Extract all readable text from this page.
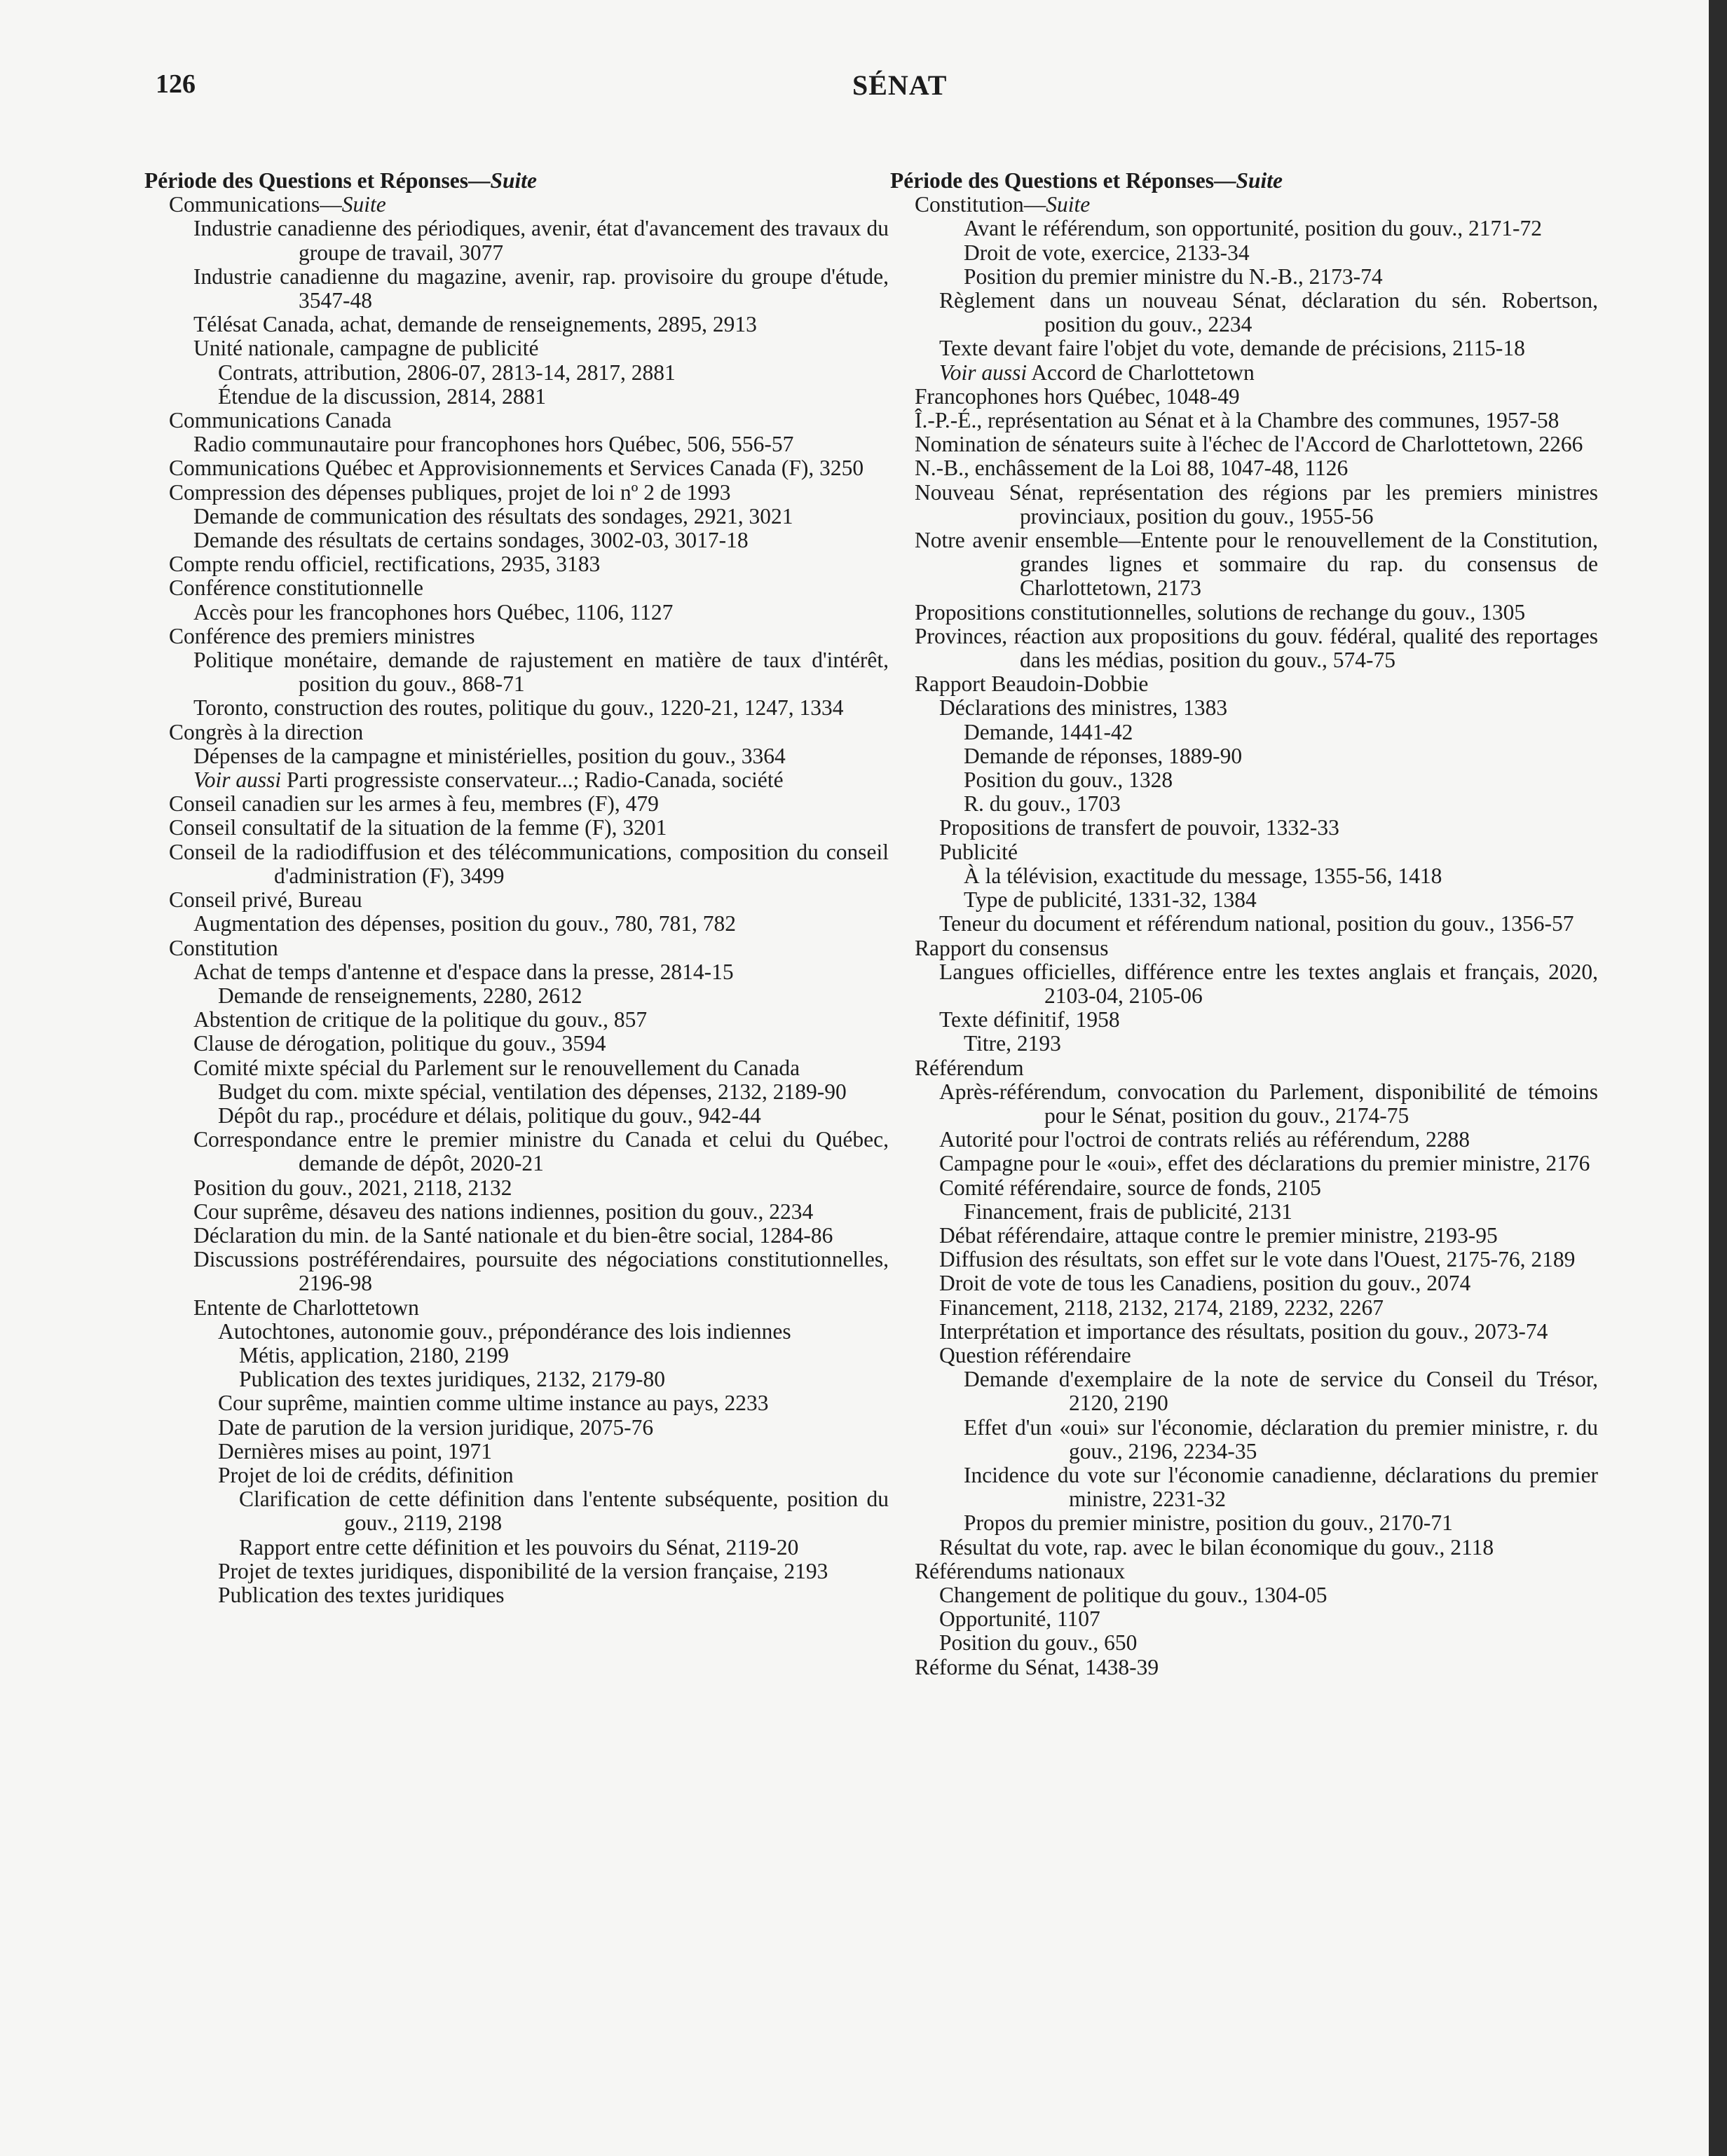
126	SÉNAT
Période des Questions et Réponses—Suite
Communications—Suite
Industrie canadienne des périodiques, avenir, état d'avancement des travaux du groupe de travail, 3077
Industrie canadienne du magazine, avenir, rap. provisoire du groupe d'étude, 3547-48
Télésat Canada, achat, demande de renseignements, 2895, 2913
Unité nationale, campagne de publicité
Contrats, attribution, 2806-07, 2813-14, 2817, 2881
Étendue de la discussion, 2814, 2881
Communications Canada
Radio communautaire pour francophones hors Québec, 506, 556-57
Communications Québec et Approvisionnements et Services Canada (F), 3250
Compression des dépenses publiques, projet de loi nº 2 de 1993
Demande de communication des résultats des sondages, 2921, 3021
Demande des résultats de certains sondages, 3002-03, 3017-18
Compte rendu officiel, rectifications, 2935, 3183
Conférence constitutionnelle
Accès pour les francophones hors Québec, 1106, 1127
Conférence des premiers ministres
Politique monétaire, demande de rajustement en matière de taux d'intérêt, position du gouv., 868-71
Toronto, construction des routes, politique du gouv., 1220-21, 1247, 1334
Congrès à la direction
Dépenses de la campagne et ministérielles, position du gouv., 3364
Voir aussi Parti progressiste conservateur...; Radio-Canada, société
Conseil canadien sur les armes à feu, membres (F), 479
Conseil consultatif de la situation de la femme (F), 3201
Conseil de la radiodiffusion et des télécommunications, composition du conseil d'administration (F), 3499
Conseil privé, Bureau
Augmentation des dépenses, position du gouv., 780, 781, 782
Constitution
Achat de temps d'antenne et d'espace dans la presse, 2814-15
Demande de renseignements, 2280, 2612
Abstention de critique de la politique du gouv., 857
Clause de dérogation, politique du gouv., 3594
Comité mixte spécial du Parlement sur le renouvellement du Canada
Budget du com. mixte spécial, ventilation des dépenses, 2132, 2189-90
Dépôt du rap., procédure et délais, politique du gouv., 942-44
Correspondance entre le premier ministre du Canada et celui du Québec, demande de dépôt, 2020-21
Position du gouv., 2021, 2118, 2132
Cour suprême, désaveu des nations indiennes, position du gouv., 2234
Déclaration du min. de la Santé nationale et du bien-être social, 1284-86
Discussions postréférendaires, poursuite des négociations constitutionnelles, 2196-98
Entente de Charlottetown
Autochtones, autonomie gouv., prépondérance des lois indiennes
Métis, application, 2180, 2199
Publication des textes juridiques, 2132, 2179-80
Cour suprême, maintien comme ultime instance au pays, 2233
Date de parution de la version juridique, 2075-76
Dernières mises au point, 1971
Projet de loi de crédits, définition
Clarification de cette définition dans l'entente subséquente, position du gouv., 2119, 2198
Rapport entre cette définition et les pouvoirs du Sénat, 2119-20
Projet de textes juridiques, disponibilité de la version française, 2193
Publication des textes juridiques
Période des Questions et Réponses—Suite
Constitution—Suite
Avant le référendum, son opportunité, position du gouv., 2171-72
Droit de vote, exercice, 2133-34
Position du premier ministre du N.-B., 2173-74
Règlement dans un nouveau Sénat, déclaration du sén. Robertson, position du gouv., 2234
Texte devant faire l'objet du vote, demande de précisions, 2115-18
Voir aussi Accord de Charlottetown
Francophones hors Québec, 1048-49
Î.-P.-É., représentation au Sénat et à la Chambre des communes, 1957-58
Nomination de sénateurs suite à l'échec de l'Accord de Charlottetown, 2266
N.-B., enchâssement de la Loi 88, 1047-48, 1126
Nouveau Sénat, représentation des régions par les premiers ministres provinciaux, position du gouv., 1955-56
Notre avenir ensemble—Entente pour le renouvellement de la Constitution, grandes lignes et sommaire du rap. du consensus de Charlottetown, 2173
Propositions constitutionnelles, solutions de rechange du gouv., 1305
Provinces, réaction aux propositions du gouv. fédéral, qualité des reportages dans les médias, position du gouv., 574-75
Rapport Beaudoin-Dobbie
Déclarations des ministres, 1383
Demande, 1441-42
Demande de réponses, 1889-90
Position du gouv., 1328
R. du gouv., 1703
Propositions de transfert de pouvoir, 1332-33
Publicité
À la télévision, exactitude du message, 1355-56, 1418
Type de publicité, 1331-32, 1384
Teneur du document et référendum national, position du gouv., 1356-57
Rapport du consensus
Langues officielles, différence entre les textes anglais et français, 2020, 2103-04, 2105-06
Texte définitif, 1958
Titre, 2193
Référendum
Après-référendum, convocation du Parlement, disponibilité de témoins pour le Sénat, position du gouv., 2174-75
Autorité pour l'octroi de contrats reliés au référendum, 2288
Campagne pour le «oui», effet des déclarations du premier ministre, 2176
Comité référendaire, source de fonds, 2105
Financement, frais de publicité, 2131
Débat référendaire, attaque contre le premier ministre, 2193-95
Diffusion des résultats, son effet sur le vote dans l'Ouest, 2175-76, 2189
Droit de vote de tous les Canadiens, position du gouv., 2074
Financement, 2118, 2132, 2174, 2189, 2232, 2267
Interprétation et importance des résultats, position du gouv., 2073-74
Question référendaire
Demande d'exemplaire de la note de service du Conseil du Trésor, 2120, 2190
Effet d'un «oui» sur l'économie, déclaration du premier ministre, r. du gouv., 2196, 2234-35
Incidence du vote sur l'économie canadienne, déclarations du premier ministre, 2231-32
Propos du premier ministre, position du gouv., 2170-71
Résultat du vote, rap. avec le bilan économique du gouv., 2118
Référendums nationaux
Changement de politique du gouv., 1304-05
Opportunité, 1107
Position du gouv., 650
Réforme du Sénat, 1438-39
